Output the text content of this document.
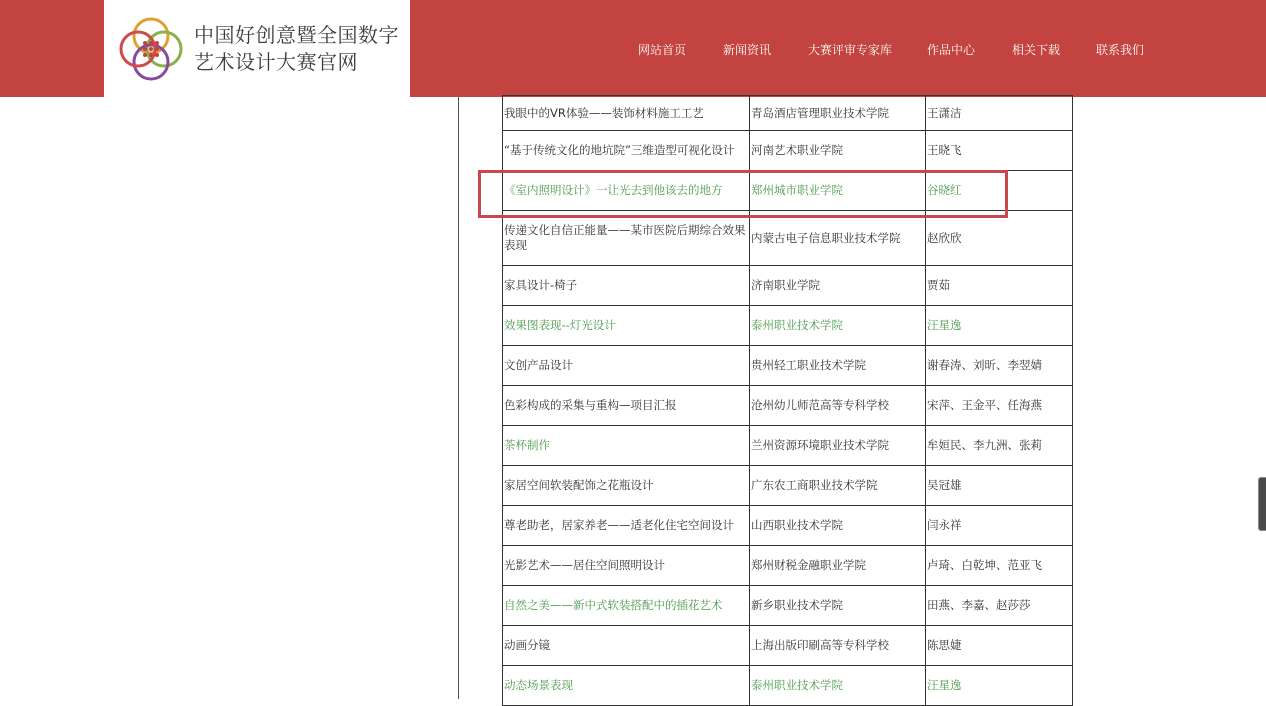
中国好创意暨全国数字
艺术设计大赛官网	网站首页	新闻资讯	大赛评审专家库	作品中心	相关下载	联系我们
我眼中的VR体验——装饰材料施工工艺	青岛酒店管理职业技术学院	王潇洁
“基于传统文化的地坑院”三维造型可视化设计	河南艺术职业学院	王晓飞
《室内照明设计》一让光去到他该去的地方	郑州城市职业学院	谷晓红
传递文化自信正能量——某市医院后期综合效果表现	内蒙古电子信息职业技术学院	赵欣欣
家具设计-椅子	济南职业学院	贾茹
效果图表现--灯光设计	泰州职业技术学院	汪星逸
文创产品设计	贵州轻工职业技术学院	谢春涛、刘昕、李翌婧
色彩构成的采集与重构—项目汇报	沧州幼儿师范高等专科学校	宋萍、王金平、任海燕
茶杯制作	兰州资源环境职业技术学院	牟姮民、李九洲、张莉
家居空间软装配饰之花瓶设计	广东农工商职业技术学院	吴冠雄
尊老助老，居家养老——适老化住宅空间设计	山西职业技术学院	闫永祥
光影艺术——居住空间照明设计	郑州财税金融职业学院	卢琦、白乾坤、范亚飞
自然之美——新中式软装搭配中的插花艺术	新乡职业技术学院	田燕、李嘉、赵莎莎
动画分镜	上海出版印刷高等专科学校	陈思婕
动态场景表现	泰州职业技术学院	汪星逸
